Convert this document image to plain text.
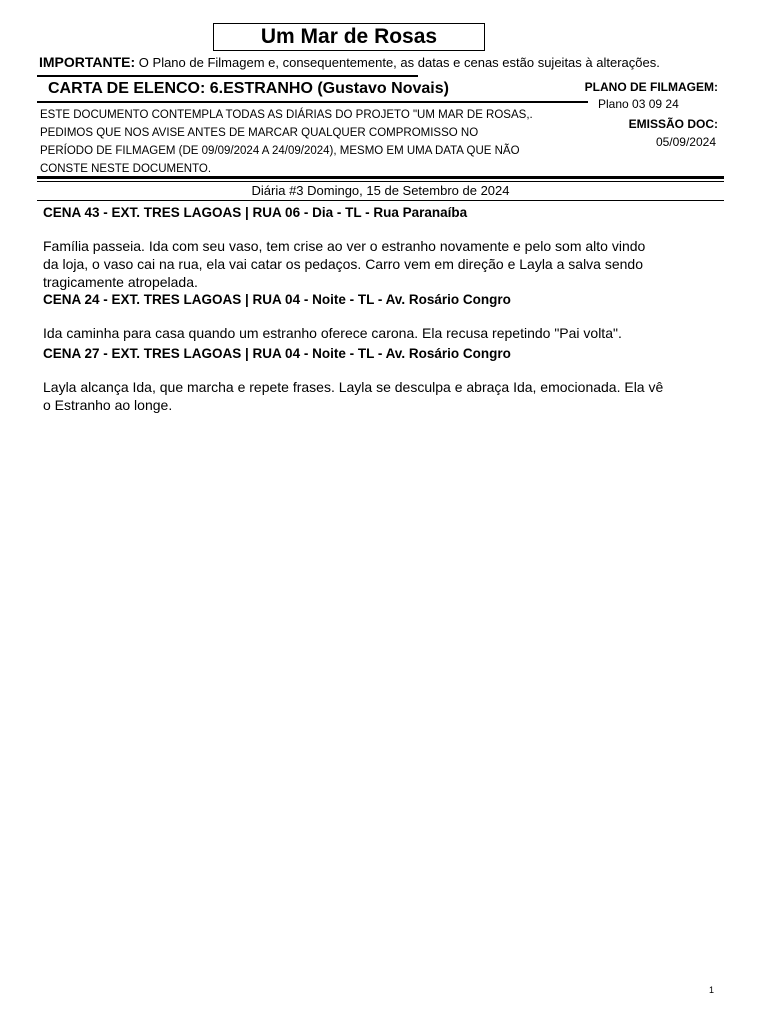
Um Mar de Rosas
IMPORTANTE: O Plano de Filmagem e, consequentemente, as datas e cenas estão sujeitas à alterações.
CARTA DE ELENCO: 6.ESTRANHO (Gustavo Novais)
ESTE DOCUMENTO CONTEMPLA TODAS AS DIÁRIAS DO PROJETO "UM MAR DE ROSAS,.
PEDIMOS QUE NOS AVISE ANTES DE MARCAR QUALQUER COMPROMISSO NO
PERÍODO DE FILMAGEM (DE 09/09/2024 A 24/09/2024), MESMO EM UMA DATA QUE NÃO
CONSTE NESTE DOCUMENTO.
PLANO DE FILMAGEM:
Plano 03 09 24
EMISSÃO DOC:
05/09/2024
Diária #3 Domingo, 15 de Setembro de 2024
CENA 43 - EXT. TRES LAGOAS | RUA 06 - Dia - TL - Rua Paranaíba
Família passeia. Ida com seu vaso, tem crise ao ver o estranho novamente e pelo som alto vindo
da loja, o vaso cai na rua, ela vai catar os pedaços. Carro vem em direção e Layla a salva sendo
tragicamente atropelada.
CENA 24 - EXT. TRES LAGOAS | RUA 04 - Noite - TL - Av. Rosário Congro
Ida caminha para casa quando um estranho oferece carona. Ela recusa repetindo "Pai volta".
CENA 27 - EXT. TRES LAGOAS | RUA 04 - Noite - TL - Av. Rosário Congro
Layla alcança Ida, que marcha e repete frases. Layla se desculpa e abraça Ida, emocionada. Ela vê
o Estranho ao longe.
1
